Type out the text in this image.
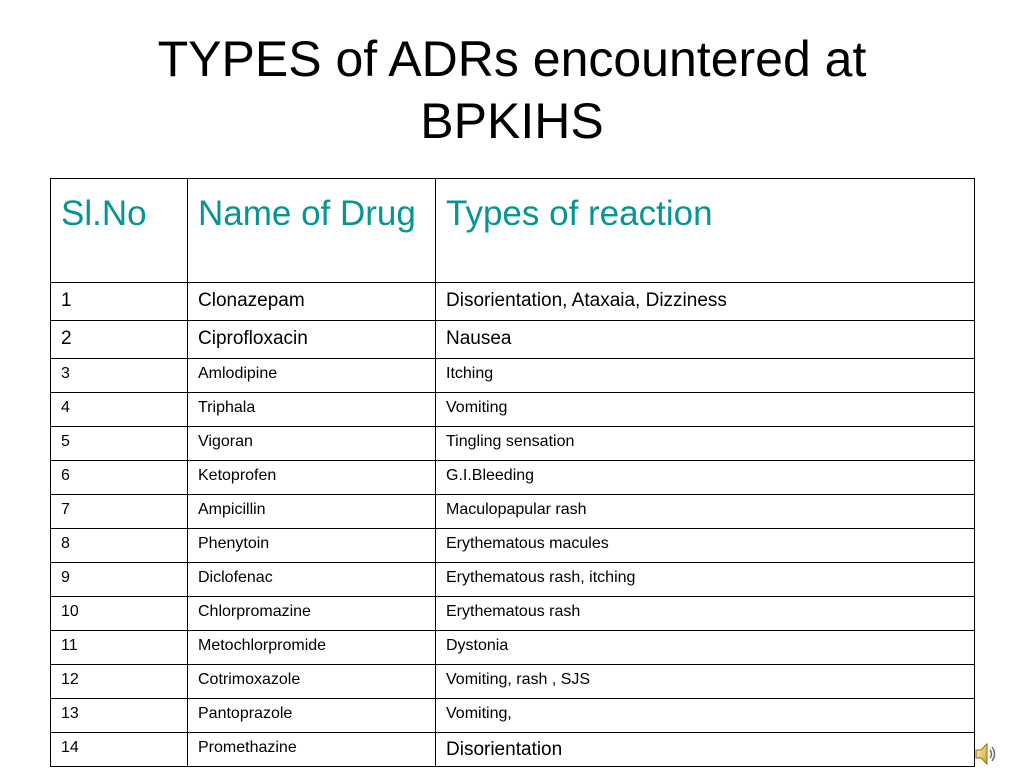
TYPES of ADRs encountered at
BPKIHS
Sl.No	Name of Drug	Types of reaction
1	Clonazepam	Disorientation, Ataxaia, Dizziness
2	Ciprofloxacin	Nausea
3	Amlodipine	Itching
4	Triphala	Vomiting
5	Vigoran	Tingling sensation
6	Ketoprofen	G.I.Bleeding
7	Ampicillin	Maculopapular rash
8	Phenytoin	Erythematous macules
9	Diclofenac	Erythematous rash, itching
10	Chlorpromazine	Erythematous rash
11	Metochlorpromide	Dystonia
12	Cotrimoxazole	Vomiting, rash , SJS
13	Pantoprazole	Vomiting,
14	Promethazine	Disorientation
